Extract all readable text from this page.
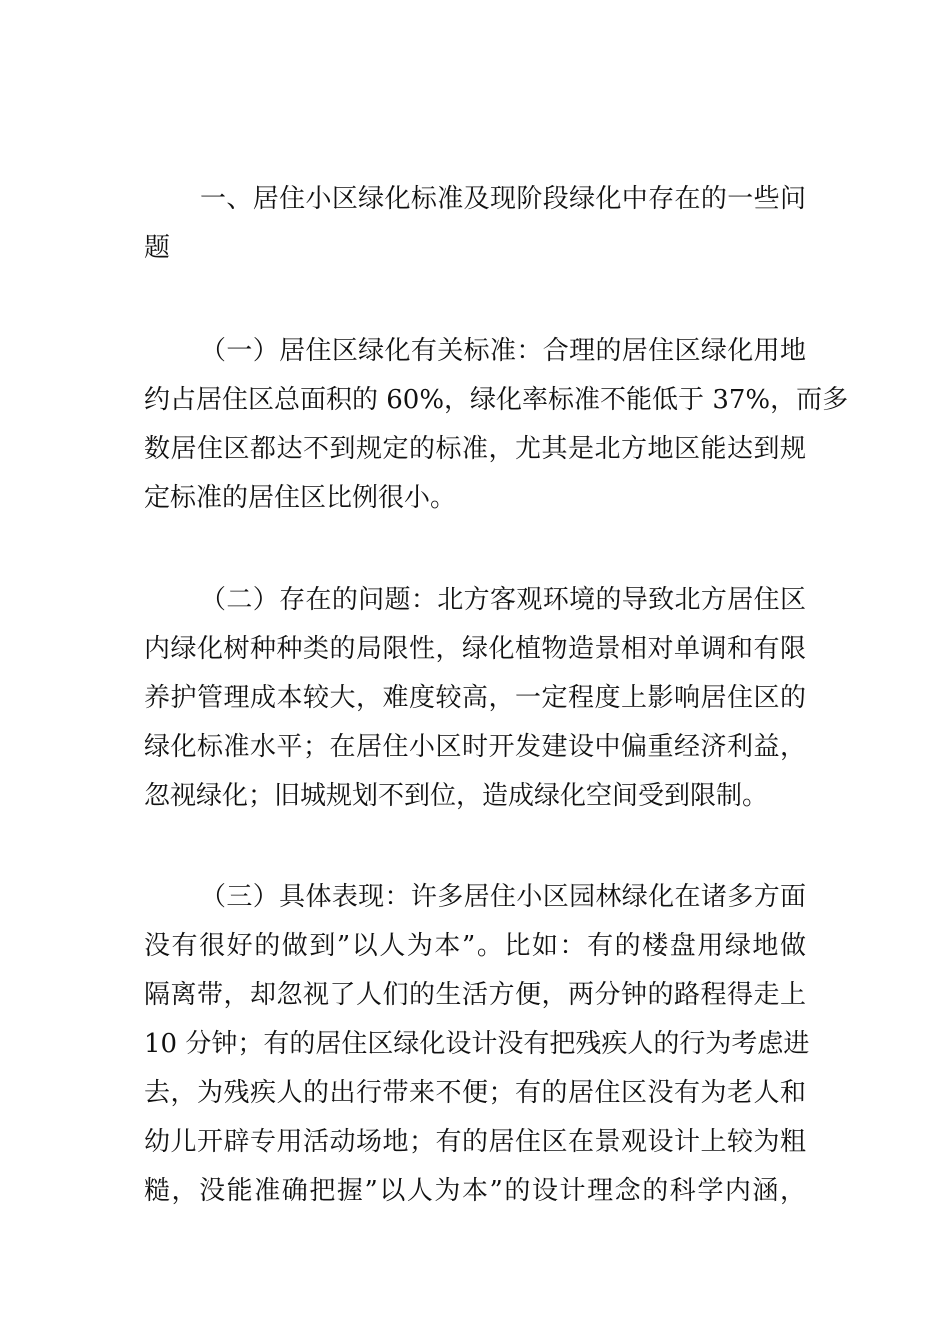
一、居住小区绿化标准及现阶段绿化中存在的一些问

题

（一）居住区绿化有关标准：合理的居住区绿化用地

约占居住区总面积的 60%，绿化率标准不能低于 37%，而多

数居住区都达不到规定的标准，尤其是北方地区能达到规

定标准的居住区比例很小。

（二）存在的问题：北方客观环境的导致北方居住区

内绿化树种种类的局限性，绿化植物造景相对单调和有限

养护管理成本较大，难度较高，一定程度上影响居住区的

绿化标准水平；在居住小区时开发建设中偏重经济利益，

忽视绿化；旧城规划不到位，造成绿化空间受到限制。

（三）具体表现：许多居住小区园林绿化在诸多方面

没有很好的做到”以人为本”。比如：有的楼盘用绿地做

隔离带，却忽视了人们的生活方便，两分钟的路程得走上

10 分钟；有的居住区绿化设计没有把残疾人的行为考虑进

去，为残疾人的出行带来不便；有的居住区没有为老人和

幼儿开辟专用活动场地；有的居住区在景观设计上较为粗

糙，没能准确把握”以人为本”的设计理念的科学内涵，
